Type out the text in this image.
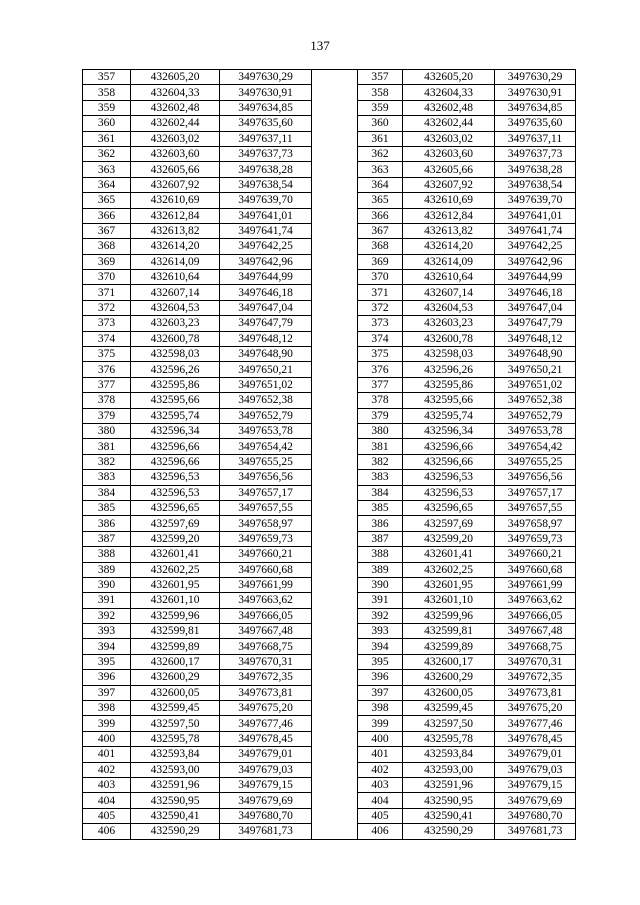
137
357	432605,20	3497630,29		357	432605,20	3497630,29
358	432604,33	3497630,91		358	432604,33	3497630,91
359	432602,48	3497634,85		359	432602,48	3497634,85
360	432602,44	3497635,60		360	432602,44	3497635,60
361	432603,02	3497637,11		361	432603,02	3497637,11
362	432603,60	3497637,73		362	432603,60	3497637,73
363	432605,66	3497638,28		363	432605,66	3497638,28
364	432607,92	3497638,54		364	432607,92	3497638,54
365	432610,69	3497639,70		365	432610,69	3497639,70
366	432612,84	3497641,01		366	432612,84	3497641,01
367	432613,82	3497641,74		367	432613,82	3497641,74
368	432614,20	3497642,25		368	432614,20	3497642,25
369	432614,09	3497642,96		369	432614,09	3497642,96
370	432610,64	3497644,99		370	432610,64	3497644,99
371	432607,14	3497646,18		371	432607,14	3497646,18
372	432604,53	3497647,04		372	432604,53	3497647,04
373	432603,23	3497647,79		373	432603,23	3497647,79
374	432600,78	3497648,12		374	432600,78	3497648,12
375	432598,03	3497648,90		375	432598,03	3497648,90
376	432596,26	3497650,21		376	432596,26	3497650,21
377	432595,86	3497651,02		377	432595,86	3497651,02
378	432595,66	3497652,38		378	432595,66	3497652,38
379	432595,74	3497652,79		379	432595,74	3497652,79
380	432596,34	3497653,78		380	432596,34	3497653,78
381	432596,66	3497654,42		381	432596,66	3497654,42
382	432596,66	3497655,25		382	432596,66	3497655,25
383	432596,53	3497656,56		383	432596,53	3497656,56
384	432596,53	3497657,17		384	432596,53	3497657,17
385	432596,65	3497657,55		385	432596,65	3497657,55
386	432597,69	3497658,97		386	432597,69	3497658,97
387	432599,20	3497659,73		387	432599,20	3497659,73
388	432601,41	3497660,21		388	432601,41	3497660,21
389	432602,25	3497660,68		389	432602,25	3497660,68
390	432601,95	3497661,99		390	432601,95	3497661,99
391	432601,10	3497663,62		391	432601,10	3497663,62
392	432599,96	3497666,05		392	432599,96	3497666,05
393	432599,81	3497667,48		393	432599,81	3497667,48
394	432599,89	3497668,75		394	432599,89	3497668,75
395	432600,17	3497670,31		395	432600,17	3497670,31
396	432600,29	3497672,35		396	432600,29	3497672,35
397	432600,05	3497673,81		397	432600,05	3497673,81
398	432599,45	3497675,20		398	432599,45	3497675,20
399	432597,50	3497677,46		399	432597,50	3497677,46
400	432595,78	3497678,45		400	432595,78	3497678,45
401	432593,84	3497679,01		401	432593,84	3497679,01
402	432593,00	3497679,03		402	432593,00	3497679,03
403	432591,96	3497679,15		403	432591,96	3497679,15
404	432590,95	3497679,69		404	432590,95	3497679,69
405	432590,41	3497680,70		405	432590,41	3497680,70
406	432590,29	3497681,73		406	432590,29	3497681,73
